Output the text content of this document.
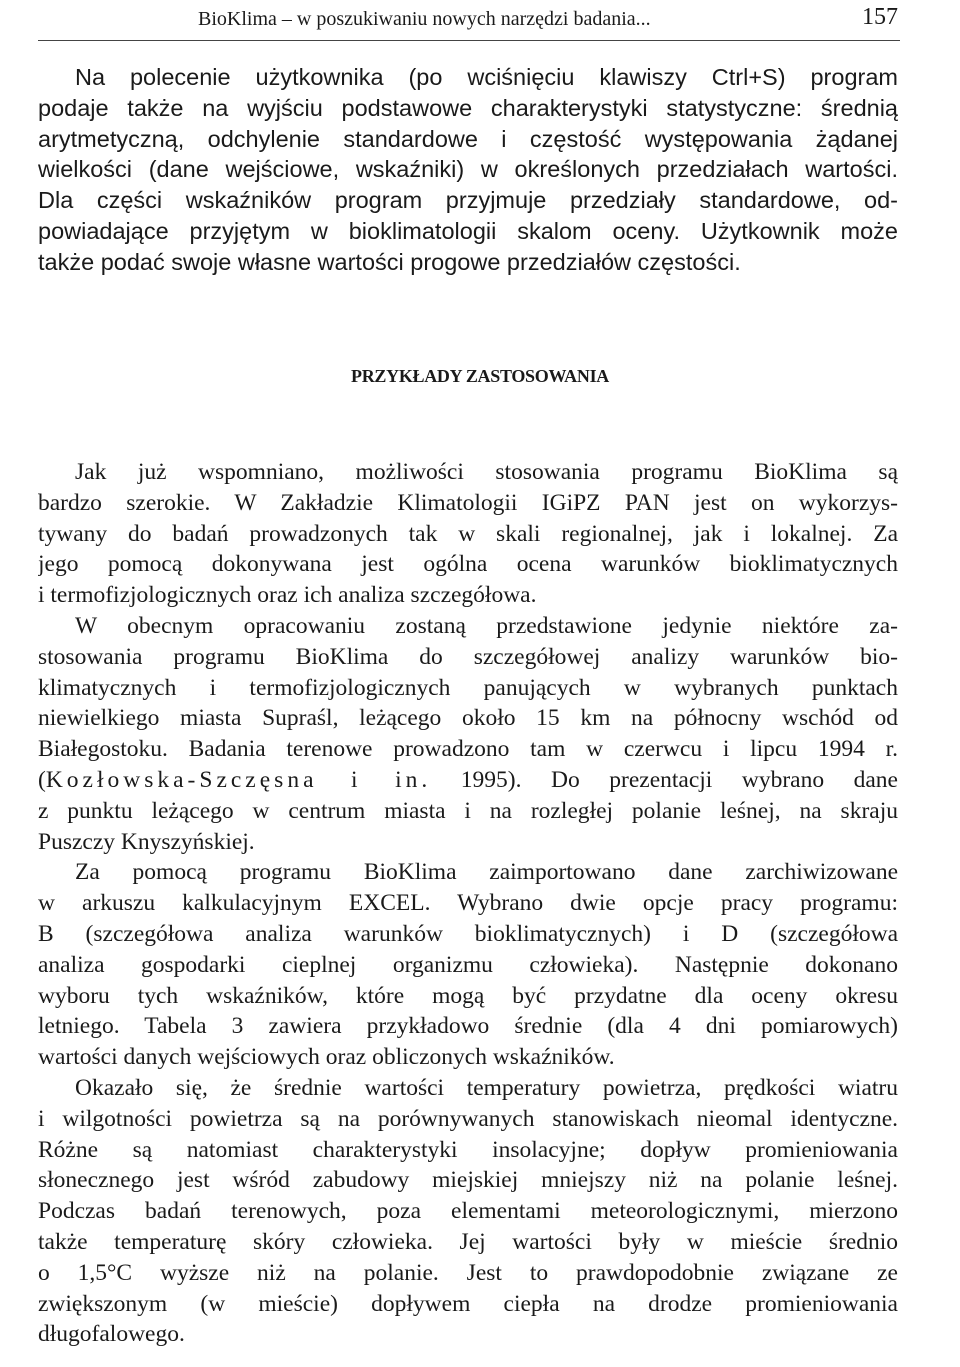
BioKlima – w poszukiwaniu nowych narzędzi badania...	157

Na polecenie użytkownika (po wciśnięciu klawiszy Ctrl+S) program

podaje także na wyjściu podstawowe charakterystyki statystyczne: średnią

arytmetyczną, odchylenie standardowe i częstość występowania żądanej

wielkości (dane wejściowe, wskaźniki) w określonych przedziałach wartości.

Dla części wskaźników program przyjmuje przedziały standardowe, od-

powiadające przyjętym w bioklimatologii skalom oceny. Użytkownik może

także podać swoje własne wartości progowe przedziałów częstości.

PRZYKŁADY ZASTOSOWANIA

Jak już wspomniano, możliwości stosowania programu BioKlima są

bardzo szerokie. W Zakładzie Klimatologii IGiPZ PAN jest on wykorzys-

tywany do badań prowadzonych tak w skali regionalnej, jak i lokalnej. Za

jego pomocą dokonywana jest ogólna ocena warunków bioklimatycznych

i termofizjologicznych oraz ich analiza szczegółowa.

W obecnym opracowaniu zostaną przedstawione jedynie niektóre za-

stosowania programu BioKlima do szczegółowej analizy warunków bio-

klimatycznych i termofizjologicznych panujących w wybranych punktach

niewielkiego miasta Supraśl, leżącego około 15 km na północny wschód od

Białegostoku. Badania terenowe prowadzono tam w czerwcu i lipcu 1994 r.

(Kozłowska-Szczęsna i in. 1995). Do prezentacji wybrano dane

z punktu leżącego w centrum miasta i na rozległej polanie leśnej, na skraju

Puszczy Knyszyńskiej.

Za pomocą programu BioKlima zaimportowano dane zarchiwizowane

w arkuszu kalkulacyjnym EXCEL. Wybrano dwie opcje pracy programu:

B (szczegółowa analiza warunków bioklimatycznych) i D (szczegółowa

analiza gospodarki cieplnej organizmu człowieka). Następnie dokonano

wyboru tych wskaźników, które mogą być przydatne dla oceny okresu

letniego. Tabela 3 zawiera przykładowo średnie (dla 4 dni pomiarowych)

wartości danych wejściowych oraz obliczonych wskaźników.

Okazało się, że średnie wartości temperatury powietrza, prędkości wiatru

i wilgotności powietrza są na porównywanych stanowiskach nieomal identyczne.

Różne są natomiast charakterystyki insolacyjne; dopływ promieniowania

słonecznego jest wśród zabudowy miejskiej mniejszy niż na polanie leśnej.

Podczas badań terenowych, poza elementami meteorologicznymi, mierzono

także temperaturę skóry człowieka. Jej wartości były w mieście średnio

o 1,5°C wyższe niż na polanie. Jest to prawdopodobnie związane ze

zwiększonym (w mieście) dopływem ciepła na drodze promieniowania

długofalowego.
